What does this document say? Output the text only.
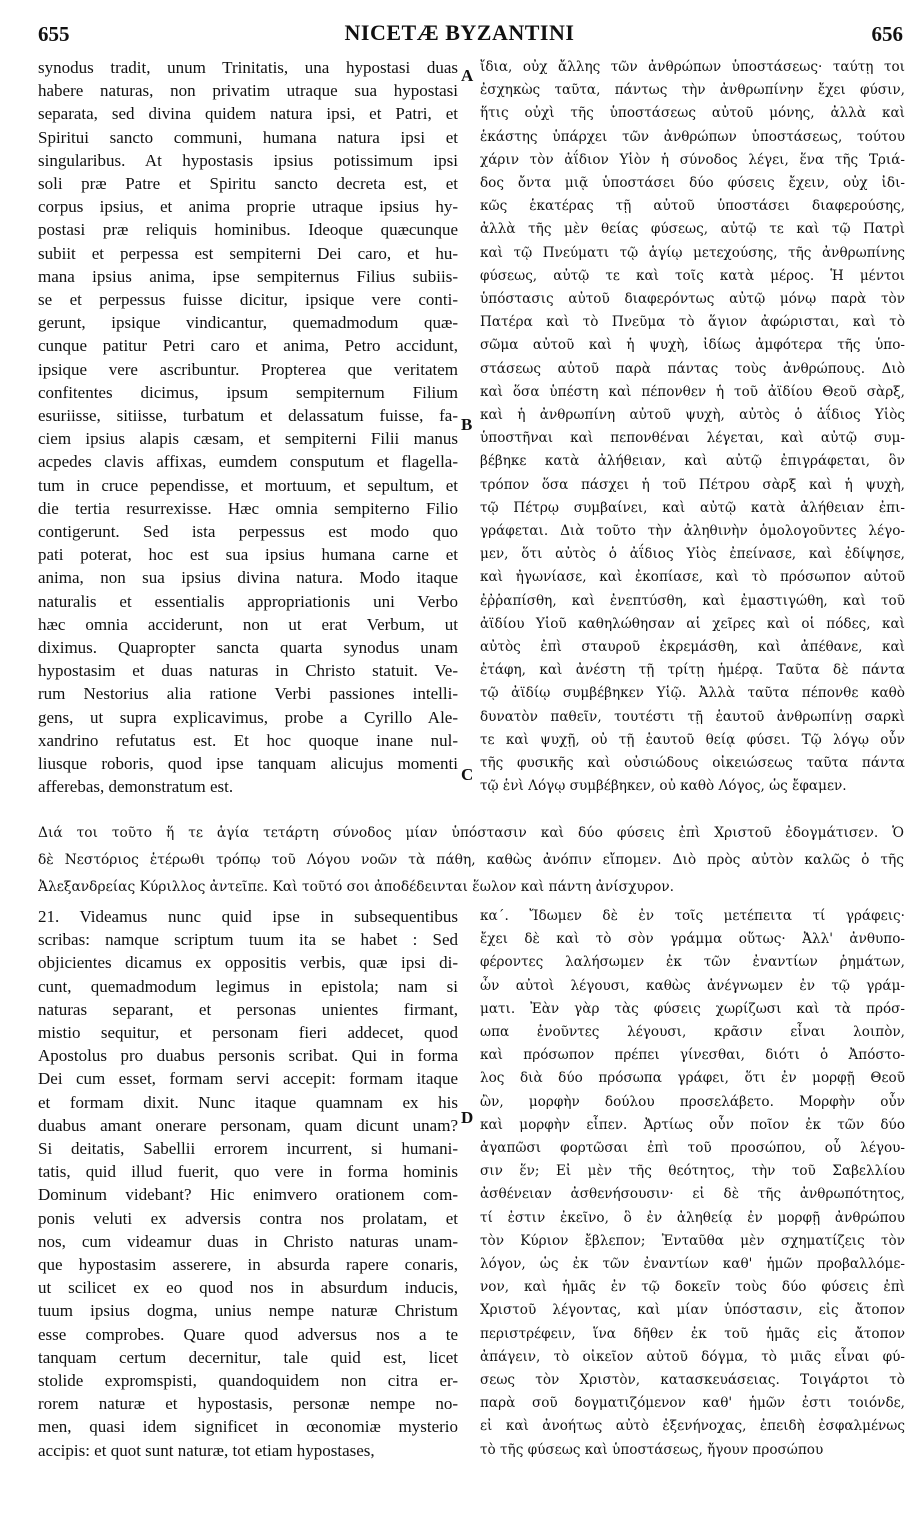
655	NICETÆ BYZANTINI	656
synodus tradit, unum Trinitatis, una hypostasi duas
habere naturas, non privatim utraque sua hypostasi
separata, sed divina quidem natura ipsi, et Patri, et
Spiritui sancto communi, humana natura ipsi et
singularibus. At hypostasis ipsius potissimum ipsi
soli præ Patre et Spiritu sancto decreta est, et
corpus ipsius, et anima proprie utraque ipsius hy-
postasi præ reliquis hominibus. Ideoque quæcunque
subiit et perpessa est sempiterni Dei caro, et hu-
mana ipsius anima, ipse sempiternus Filius subiis-
se et perpessus fuisse dicitur, ipsique vere conti-
gerunt, ipsique vindicantur, quemadmodum quæ-
cunque patitur Petri caro et anima, Petro accidunt,
ipsique vere ascribuntur. Propterea que veritatem
confitentes dicimus, ipsum sempiternum Filium
esuriisse, sitiisse, turbatum et delassatum fuisse, fa-
ciem ipsius alapis cæsam, et sempiterni Filii manus
acpedes clavis affixas, eumdem consputum et flagella-
tum in cruce pependisse, et mortuum, et sepultum, et
die tertia resurrexisse. Hæc omnia sempiterno Filio
contigerunt. Sed ista perpessus est modo quo
pati poterat, hoc est sua ipsius humana carne et
anima, non sua ipsius divina natura. Modo itaque
naturalis et essentialis appropriationis uni Verbo
hæc omnia acciderunt, non ut erat Verbum, ut
diximus. Quapropter sancta quarta synodus unam
hypostasim et duas naturas in Christo statuit. Ve-
rum Nestorius alia ratione Verbi passiones intelli-
gens, ut supra explicavimus, probe a Cyrillo Ale-
xandrino refutatus est. Et hoc quoque inane nul-
liusque roboris, quod ipse tanquam alicujus momenti
afferebas, demonstratum est.
ἴδια, οὐχ ἄλλης τῶν ἀνθρώπων ὑποστάσεως· ταύτῃ τοι
ἐσχηκὼς ταῦτα, πάντως τὴν ἀνθρωπίνην ἔχει φύσιν,
ἥτις οὐχὶ τῆς ὑποστάσεως αὐτοῦ μόνης, ἀλλὰ καὶ
ἑκάστης ὑπάρχει τῶν ἀνθρώπων ὑποστάσεως, τούτου
χάριν τὸν ἀΐδιον Υἱὸν ἡ σύνοδος λέγει, ἕνα τῆς Τριά-
δος ὄντα μιᾷ ὑποστάσει δύο φύσεις ἔχειν, οὐχ ἰδι-
κῶς ἑκατέρας τῇ αὐτοῦ ὑποστάσει διαφερούσης,
ἀλλὰ τῆς μὲν θείας φύσεως, αὐτῷ τε καὶ τῷ Πατρὶ
καὶ τῷ Πνεύματι τῷ ἁγίῳ μετεχούσης, τῆς ἀνθρωπίνης
φύσεως, αὐτῷ τε καὶ τοῖς κατὰ μέρος. Ἡ μέντοι
ὑπόστασις αὐτοῦ διαφερόντως αὐτῷ μόνῳ παρὰ τὸν
Πατέρα καὶ τὸ Πνεῦμα τὸ ἅγιον ἀφώρισται, καὶ τὸ
σῶμα αὐτοῦ καὶ ἡ ψυχὴ, ἰδίως ἀμφότερα τῆς ὑπο-
στάσεως αὐτοῦ παρὰ πάντας τοὺς ἀνθρώπους. Διὸ
καὶ ὅσα ὑπέστη καὶ πέπονθεν ἡ τοῦ ἀϊδίου Θεοῦ σὰρξ,
καὶ ἡ ἀνθρωπίνη αὐτοῦ ψυχὴ, αὐτὸς ὁ ἀΐδιος Υἱὸς
ὑποστῆναι καὶ πεπονθέναι λέγεται, καὶ αὐτῷ συμ-
βέβηκε κατὰ ἀλήθειαν, καὶ αὐτῷ ἐπιγράφεται, ὃν
τρόπον ὅσα πάσχει ἡ τοῦ Πέτρου σὰρξ καὶ ἡ ψυχὴ,
τῷ Πέτρῳ συμβαίνει, καὶ αὐτῷ κατὰ ἀλήθειαν ἐπι-
γράφεται. Διὰ τοῦτο τὴν ἀληθινὴν ὁμολογοῦντες λέγο-
μεν, ὅτι αὐτὸς ὁ ἀΐδιος Υἱὸς ἐπείνασε, καὶ ἐδίψησε,
καὶ ἠγωνίασε, καὶ ἐκοπίασε, καὶ τὸ πρόσωπον αὐτοῦ
ἐῤῥαπίσθη, καὶ ἐνεπτύσθη, καὶ ἐμαστιγώθη, καὶ τοῦ
ἀϊδίου Υἱοῦ καθηλώθησαν αἱ χεῖρες καὶ οἱ πόδες, καὶ
αὐτὸς ἐπὶ σταυροῦ ἐκρεμάσθη, καὶ ἀπέθανε, καὶ
ἐτάφη, καὶ ἀνέστη τῇ τρίτῃ ἡμέρᾳ. Ταῦτα δὲ πάντα
τῷ ἀϊδίῳ συμβέβηκεν Υἱῷ. Ἀλλὰ ταῦτα πέπονθε καθὸ
δυνατὸν παθεῖν, τουτέστι τῇ ἑαυτοῦ ἀνθρωπίνῃ σαρκὶ
τε καὶ ψυχῇ, οὐ τῇ ἑαυτοῦ θείᾳ φύσει. Τῷ λόγῳ οὖν
τῆς φυσικῆς καὶ οὐσιώδους οἰκειώσεως ταῦτα πάντα
τῷ ἑνὶ Λόγῳ συμβέβηκεν, οὐ καθὸ Λόγος, ὡς ἔφαμεν.
A
B
C
D
Διά τοι τοῦτο ἥ τε ἁγία τετάρτη σύνοδος μίαν ὑπόστασιν καὶ δύο φύσεις ἐπὶ Χριστοῦ ἐδογμάτισεν. Ὁ
δὲ Νεστόριος ἑτέρωθι τρόπῳ τοῦ Λόγου νοῶν τὰ πάθη, καθὼς ἀνόπιν εἴπομεν. Διὸ πρὸς αὐτὸν καλῶς ὁ τῆς
Ἀλεξανδρείας Κύριλλος ἀντεῖπε. Καὶ τοῦτό σοι ἀποδέδεινται ἕωλον καὶ πάντη ἀνίσχυρον.
21. Videamus nunc quid ipse in subsequentibus
scribas: namque scriptum tuum ita se habet : Sed
objicientes dicamus ex oppositis verbis, quæ ipsi di-
cunt, quemadmodum legimus in epistola; nam si
naturas separant, et personas unientes firmant,
mistio sequitur, et personam fieri addecet, quod
Apostolus pro duabus personis scribat. Qui in forma
Dei cum esset, formam servi accepit: formam itaque
et formam dixit. Nunc itaque quamnam ex his
duabus amant onerare personam, quam dicunt unam?
Si deitatis, Sabellii errorem incurrent, si humani-
tatis, quid illud fuerit, quo vere in forma hominis
Dominum videbant? Hic enimvero orationem com-
ponis veluti ex adversis contra nos prolatam, et
nos, cum videamur duas in Christo naturas unam-
que hypostasim asserere, in absurda rapere conaris,
ut scilicet ex eo quod nos in absurdum inducis,
tuum ipsius dogma, unius nempe naturæ Christum
esse comprobes. Quare quod adversus nos a te
tanquam certum decernitur, tale quid est, licet
stolide expromspisti, quandoquidem non citra er-
rorem naturæ et hypostasis, personæ nempe no-
men, quasi idem significet in œconomiæ mysterio
accipis: et quot sunt naturæ, tot etiam hypostases,
κα΄. Ἴδωμεν δὲ ἐν τοῖς μετέπειτα τί γράφεις·
ἔχει δὲ καὶ τὸ σὸν γράμμα οὕτως· Ἀλλ' ἀνθυπο-
φέροντες λαλήσωμεν ἐκ τῶν ἐναντίων ῥημάτων,
ὧν αὐτοὶ λέγουσι, καθὼς ἀνέγνωμεν ἐν τῷ γράμ-
ματι. Ἐὰν γὰρ τὰς φύσεις χωρίζωσι καὶ τὰ πρόσ-
ωπα ἑνοῦντες λέγουσι, κρᾶσιν εἶναι λοιπὸν,
καὶ πρόσωπον πρέπει γίνεσθαι, διότι ὁ Ἀπόστο-
λος διὰ δύο πρόσωπα γράφει, ὅτι ἐν μορφῇ Θεοῦ
ὢν, μορφὴν δούλου προσελάβετο. Μορφὴν οὖν
καὶ μορφὴν εἶπεν. Ἀρτίως οὖν ποῖον ἐκ τῶν δύο
ἀγαπῶσι φορτῶσαι ἐπὶ τοῦ προσώπου, οὗ λέγου-
σιν ἕν; Εἰ μὲν τῆς θεότητος, τὴν τοῦ Σαβελλίου
ἀσθένειαν ἀσθενήσουσιν· εἰ δὲ τῆς ἀνθρωπότητος,
τί ἐστιν ἐκεῖνο, ὃ ἐν ἀληθείᾳ ἐν μορφῇ ἀνθρώπου
τὸν Κύριον ἔβλεπον; Ἐνταῦθα μὲν σχηματίζεις τὸν
λόγον, ὡς ἐκ τῶν ἐναντίων καθ' ἡμῶν προβαλλόμε-
νον, καὶ ἡμᾶς ἐν τῷ δοκεῖν τοὺς δύο φύσεις ἐπὶ
Χριστοῦ λέγοντας, καὶ μίαν ὑπόστασιν, εἰς ἄτοπον
περιστρέφειν, ἵνα δῆθεν ἐκ τοῦ ἡμᾶς εἰς ἄτοπον
ἀπάγειν, τὸ οἰκεῖον αὐτοῦ δόγμα, τὸ μιᾶς εἶναι φύ-
σεως τὸν Χριστὸν, κατασκευάσειας. Τοιγάρτοι τὸ
παρὰ σοῦ δογματιζόμενον καθ' ἡμῶν ἐστι τοιόνδε,
εἰ καὶ ἀνοήτως αὐτὸ ἐξενήνοχας, ἐπειδὴ ἐσφαλμένως
τὸ τῆς φύσεως καὶ ὑποστάσεως, ἤγουν προσώπου
